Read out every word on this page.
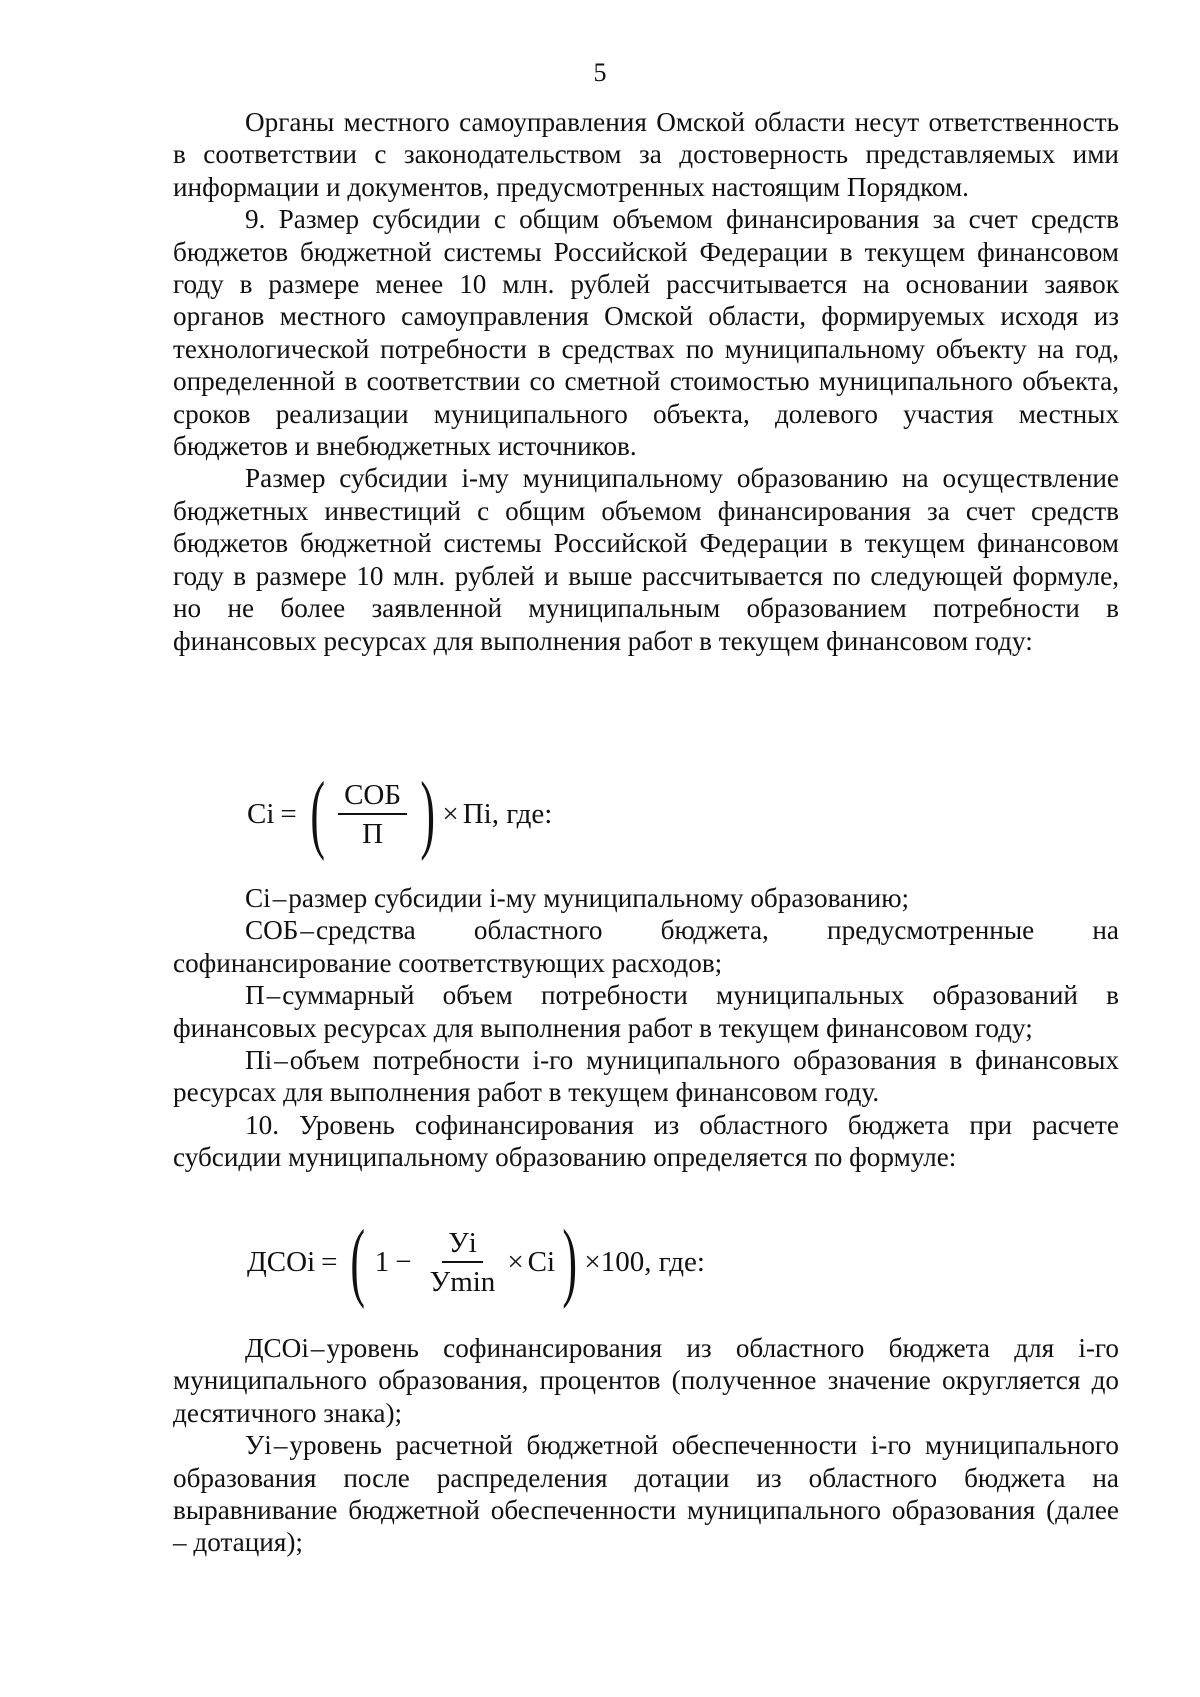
5

Органы местного самоуправления Омской области несут ответственность в соответствии с законодательством за достоверность представляемых ими информации и документов, предусмотренных настоящим Порядком.

9. Размер субсидии с общим объемом финансирования за счет средств бюджетов бюджетной системы Российской Федерации в текущем финансовом году в размере менее 10 млн. рублей рассчитывается на основании заявок органов местного самоуправления Омской области, формируемых исходя из технологической потребности в средствах по муниципальному объекту на год, определенной в соответствии со сметной стоимостью муниципального объекта, сроков реализации муниципального объекта, долевого участия местных бюджетов и внебюджетных источников.

Размер субсидии i-му муниципальному образованию на осуществление бюджетных инвестиций с общим объемом финансирования за счет средств бюджетов бюджетной системы Российской Федерации в текущем финансовом году в размере 10 млн. рублей и выше рассчитывается по следующей формуле, но не более заявленной муниципальным образованием потребности в финансовых ресурсах для выполнения работ в текущем финансовом году:

Ci = ( $\frac{\text{СОБ}}{П}$ ) × Пi, где:

Ci–размер субсидии i-му муниципальному образованию;

СОБ–средства областного бюджета, предусмотренные на софинансирование соответствующих расходов;

П–суммарный объем потребности муниципальных образований в финансовых ресурсах для выполнения работ в текущем финансовом году;

Пi–объем потребности i-го муниципального образования в финансовых ресурсах для выполнения работ в текущем финансовом году.

10. Уровень софинансирования из областного бюджета при расчете субсидии муниципальному образованию определяется по формуле:

ДСОi = ( $1 - \frac{Уi}{У\min} \times Ci$ ) × 100, где:

ДСОi–уровень софинансирования из областного бюджета для i-го муниципального образования, процентов (полученное значение округляется до десятичного знака);

Уi–уровень расчетной бюджетной обеспеченности i-го муниципального образования после распределения дотации из областного бюджета на выравнивание бюджетной обеспеченности муниципального образования (далее – дотация);
